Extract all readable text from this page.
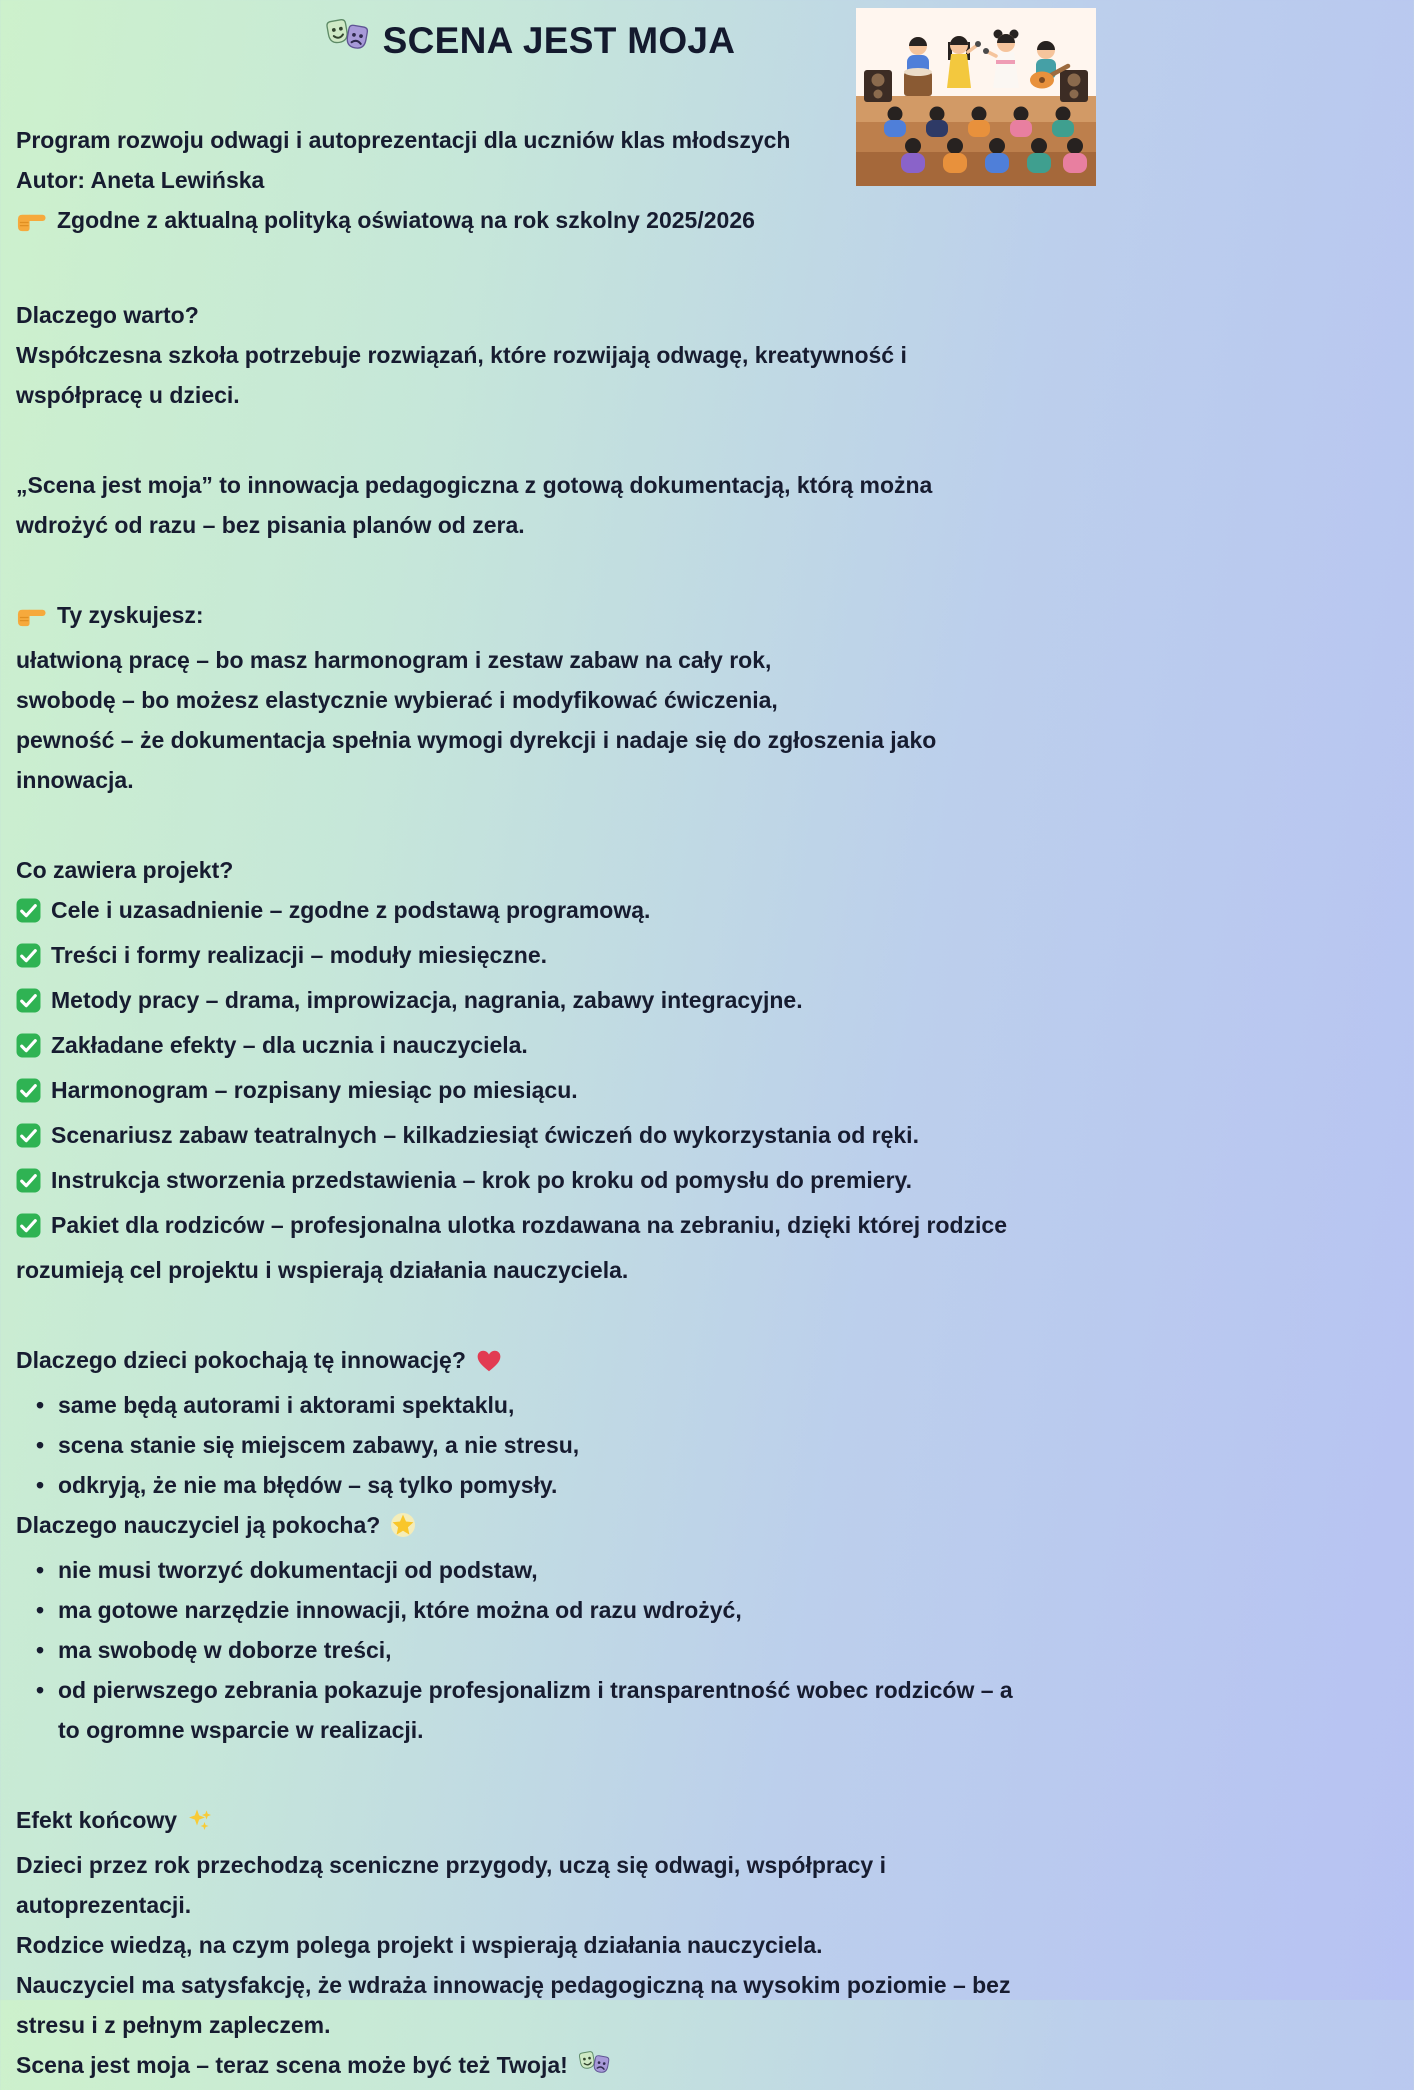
SCENA JEST MOJA

Program rozwoju odwagi i autoprezentacji dla uczniów klas młodszych

Autor: Aneta Lewińska

Zgodne z aktualną polityką oświatową na rok szkolny 2025/2026

Dlaczego warto?

Współczesna szkoła potrzebuje rozwiązań, które rozwijają odwagę, kreatywność i współpracę u dzieci.

„Scena jest moja” to innowacja pedagogiczna z gotową dokumentacją, którą można wdrożyć od razu – bez pisania planów od zera.

Ty zyskujesz:

ułatwioną pracę – bo masz harmonogram i zestaw zabaw na cały rok,

swobodę – bo możesz elastycznie wybierać i modyfikować ćwiczenia,

pewność – że dokumentacja spełnia wymogi dyrekcji i nadaje się do zgłoszenia jako innowacja.

Co zawiera projekt?

Cele i uzasadnienie – zgodne z podstawą programową.

Treści i formy realizacji – moduły miesięczne.

Metody pracy – drama, improwizacja, nagrania, zabawy integracyjne.

Zakładane efekty – dla ucznia i nauczyciela.

Harmonogram – rozpisany miesiąc po miesiącu.

Scenariusz zabaw teatralnych – kilkadziesiąt ćwiczeń do wykorzystania od ręki.

Instrukcja stworzenia przedstawienia – krok po kroku od pomysłu do premiery.

Pakiet dla rodziców – profesjonalna ulotka rozdawana na zebraniu, dzięki której rodzice rozumieją cel projektu i wspierają działania nauczyciela.

Dlaczego dzieci pokochają tę innowację?

• same będą autorami i aktorami spektaklu,
• scena stanie się miejscem zabawy, a nie stresu,
• odkryją, że nie ma błędów – są tylko pomysły.

Dlaczego nauczyciel ją pokocha?

• nie musi tworzyć dokumentacji od podstaw,
• ma gotowe narzędzie innowacji, które można od razu wdrożyć,
• ma swobodę w doborze treści,
• od pierwszego zebrania pokazuje profesjonalizm i transparentność wobec rodziców – a to ogromne wsparcie w realizacji.

Efekt końcowy

Dzieci przez rok przechodzą sceniczne przygody, uczą się odwagi, współpracy i autoprezentacji.

Rodzice wiedzą, na czym polega projekt i wspierają działania nauczyciela.

Nauczyciel ma satysfakcję, że wdraża innowację pedagogiczną na wysokim poziomie – bez stresu i z pełnym zapleczem.

Scena jest moja – teraz scena może być też Twoja!
